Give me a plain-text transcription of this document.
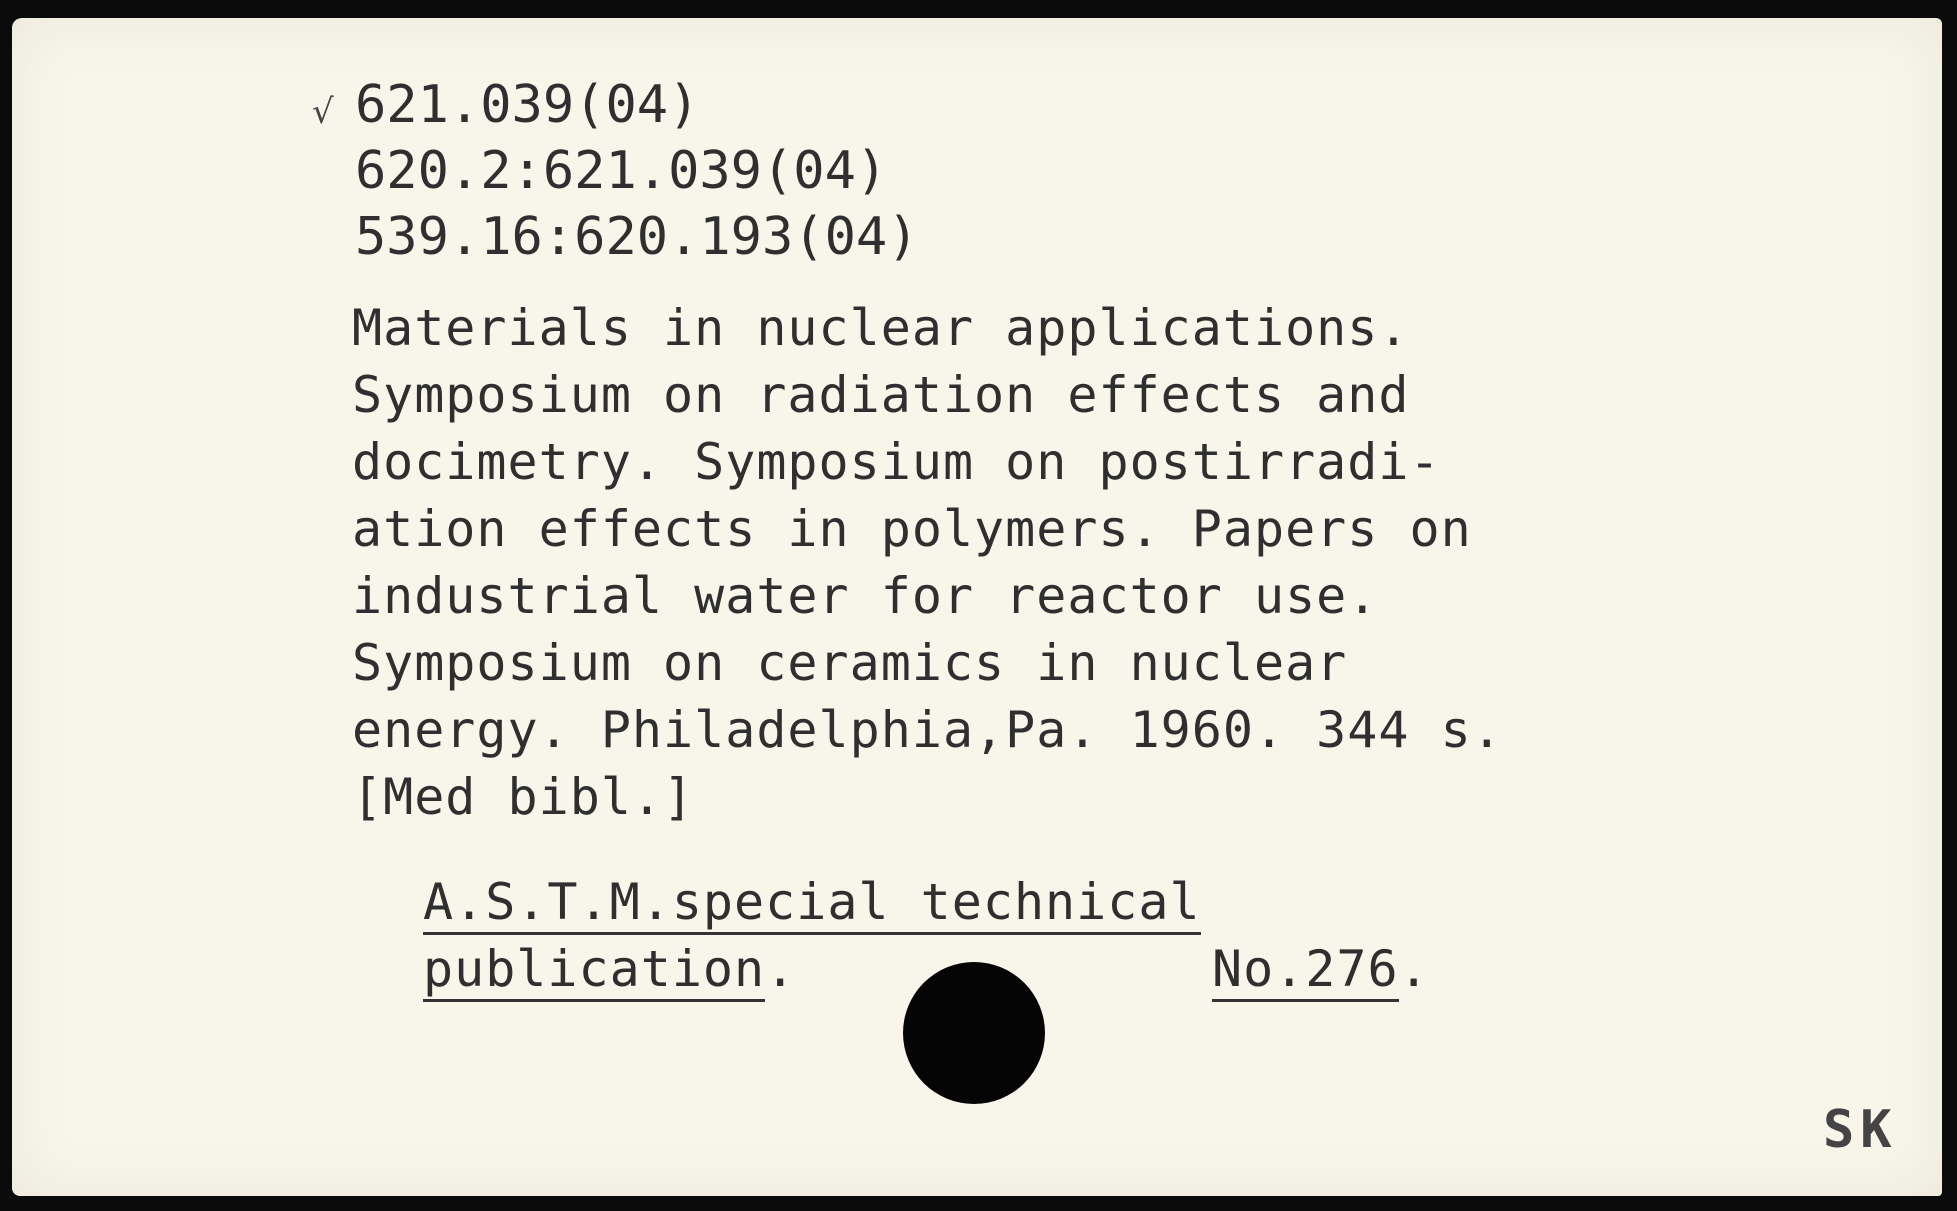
√ 621.039(04)
620.2:621.039(04)
539.16:620.193(04)
Materials in nuclear applications.
Symposium on radiation effects and
docimetry. Symposium on postirradi-
ation effects in polymers. Papers on
industrial water for reactor use.
Symposium on ceramics in nuclear
energy. Philadelphia,Pa. 1960. 344 s.
[Med bibl.]
A.S.T.M.special technical
publication.	No.276.
SK
